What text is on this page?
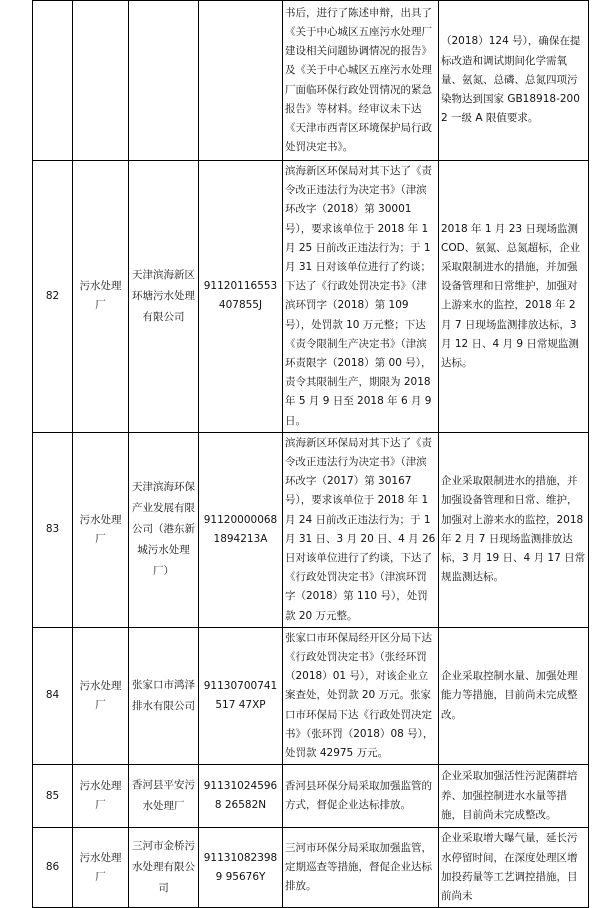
				书后，进行了陈述申辩，出具了《关于中心城区五座污水处理厂建设相关问题协调情况的报告》及《关于中心城区五座污水处理厂面临环保行政处罚情况的紧急报告》等材料。经审议未下达《天津市西青区环境保护局行政处罚决定书》。	（2018）124 号），确保在提标改造和调试期间化学需氧量、氨氮、总磷、总氮四项污染物达到国家 GB18918-2002 一级 A 限值要求。
82	污水处理厂	天津滨海新区环塘污水处理有限公司	91120116553407855J	滨海新区环保局对其下达了《责令改正违法行为决定书》（津滨环改字（2018）第 30001 号），要求该单位于 2018 年 1 月 25 日前改正违法行为；于 1 月 31 日对该单位进行了约谈；下达了《行政处罚决定书》（津滨环罚字（2018）第 109 号），处罚款 10 万元整；下达《责令限制生产决定书》（津滨环责限字（2018）第 00 号），责令其限制生产，期限为 2018 年 5 月 9 日至 2018 年 6 月 9 日。	2018 年 1 月 23 日现场监测 COD、氨氮、总氮超标，企业采取限制进水的措施，并加强设备管理和日常维护，加强对上游来水的监控，2018 年 2 月 7 日现场监测排放达标，3 月 12 日、4 月 9 日常规监测达标。
83	污水处理厂	天津滨海环保产业发展有限公司（港东新城污水处理厂）	911200000681894213A	滨海新区环保局对其下达了《责令改正违法行为决定书》（津滨环改字（2017）第 30167 号），要求该单位于 2018 年 1 月 24 日前改正违法行为；于 1 月 31 日、3 月 20 日、4 月 26 日对该单位进行了约谈，下达了《行政处罚决定书》（津滨环罚字（2018）第 110 号），处罚款 20 万元整。	企业采取限制进水的措施，并加强设备管理和日常、维护，加强对上游来水的监控，2018 年 2 月 7 日现场监测排放达标，3 月 19 日、4 月 17 日常规监测达标。
84	污水处理厂	张家口市鸿泽排水有限公司	91130700741517 47XP	张家口市环保局经开区分局下达《行政处罚决定书》（张经环罚（2018）01 号），对该企业立案查处，处罚款 20 万元。张家口市环保局下达《行政处罚决定书》（张环罚（2018）08 号），处罚款 42975 万元。	企业采取控制水量、加强处理能力等措施，目前尚未完成整改。
85	污水处理厂	香河县平安污水处理厂	911310245968 26582N	香河县环保分局采取加强监管的方式，督促企业达标排放。	企业采取加强活性污泥菌群培养、加强控制进水水量等措施，目前尚未完成整改。
86	污水处理厂	三河市金桥污水处理有限公司	911310823989 95676Y	三河市环保分局采取加强监管，定期巡查等措施，督促企业达标排放。	企业采取增大曝气量，延长污水停留时间，在深度处理区增加投药量等工艺调控措施，目前尚未
